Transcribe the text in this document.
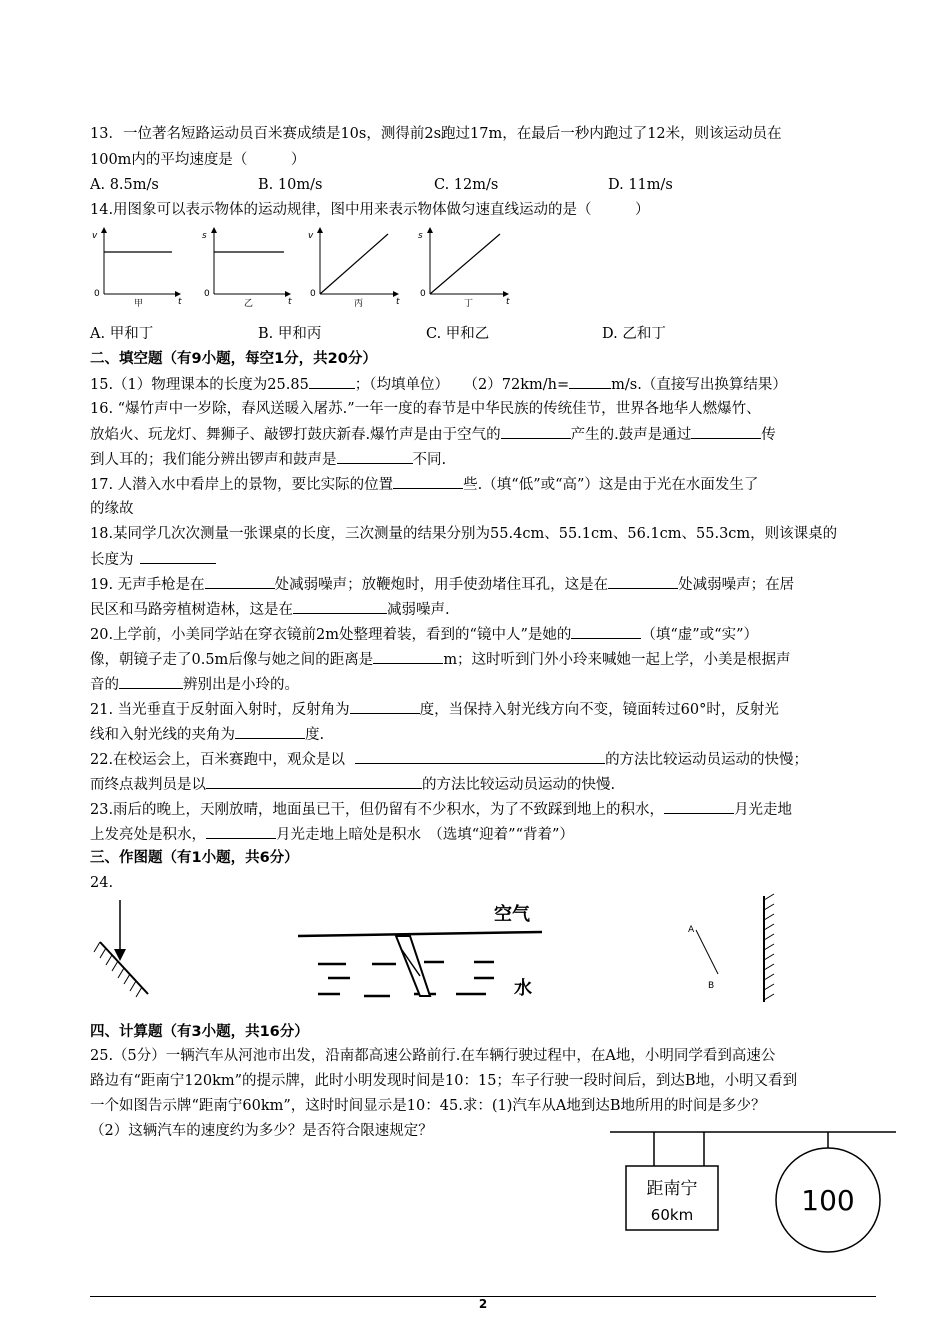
13．一位著名短路运动员百米赛成绩是10s，测得前2s跑过17m，在最后一秒内跑过了12米，则该运动员在
100m内的平均速度是（　　　）
A. 8.5m/s	B. 10m/s	C. 12m/s	D. 11m/s
14.用图象可以表示物体的运动规律，图中用来表示物体做匀速直线运动的是（　　　）
v
0
t
甲
s
0
t
乙
v
0
t
丙
s
0
t
丁
A. 甲和丁	B. 甲和丙	C. 甲和乙	D. 乙和丁
二、填空题（有9小题，每空1分，共20分）
15.（1）物理课本的长度为25.85	；（均填单位）　　（2）72km/h=	m/s.（直接写出换算结果）
16. “爆竹声中一岁除，春风送暖入屠苏.”一年一度的春节是中华民族的传统佳节，世界各地华人燃爆竹、
放焰火、玩龙灯、舞狮子、敲锣打鼓庆新春.爆竹声是由于空气的	产生的.鼓声是通过	传
到人耳的；我们能分辨出锣声和鼓声是	不同.
17. 人潜入水中看岸上的景物，要比实际的位置	些.（填“低”或“高”）这是由于光在水面发生了
的缘故
18.某同学几次次测量一张课桌的长度，三次测量的结果分别为55.4cm、55.1cm、56.1cm、55.3cm，则该课桌的
长度为
19. 无声手枪是在	处减弱噪声；放鞭炮时，用手使劲堵住耳孔，这是在	处减弱噪声；在居
民区和马路旁植树造林，这是在	减弱噪声.
20.上学前，小美同学站在穿衣镜前2m处整理着装，看到的“镜中人”是她的	（填“虚”或“实”）
像，朝镜子走了0.5m后像与她之间的距离是	m；这时听到门外小玲来喊她一起上学，小美是根据声
音的	辨别出是小玲的。
21. 当光垂直于反射面入射时，反射角为	度，当保持入射光线方向不变，镜面转过60°时，反射光
线和入射光线的夹角为	度.
22.在校运会上，百米赛跑中，观众是以	的方法比较运动员运动的快慢；
而终点裁判员是以	的方法比较运动员运动的快慢.
23.雨后的晚上，天刚放晴，地面虽已干，但仍留有不少积水，为了不致踩到地上的积水，	月光走地
上发亮处是积水，	月光走地上暗处是积水　（选填“迎着”“背着”）
三、作图题（有1小题，共6分）
24.
空气
水
A
B
四、计算题（有3小题，共16分）
25.（5分）一辆汽车从河池市出发，沿南都高速公路前行.在车辆行驶过程中，在A地，小明同学看到高速公
路边有“距南宁120km”的提示牌，此时小明发现时间是10：15；车子行驶一段时间后，到达B地，小明又看到
一个如图告示牌“距南宁60km”，这时时间显示是10：45.求：(1)汽车从A地到达B地所用的时间是多少？
（2）这辆汽车的速度约为多少？是否符合限速规定？
距南宁
60km	100
2
